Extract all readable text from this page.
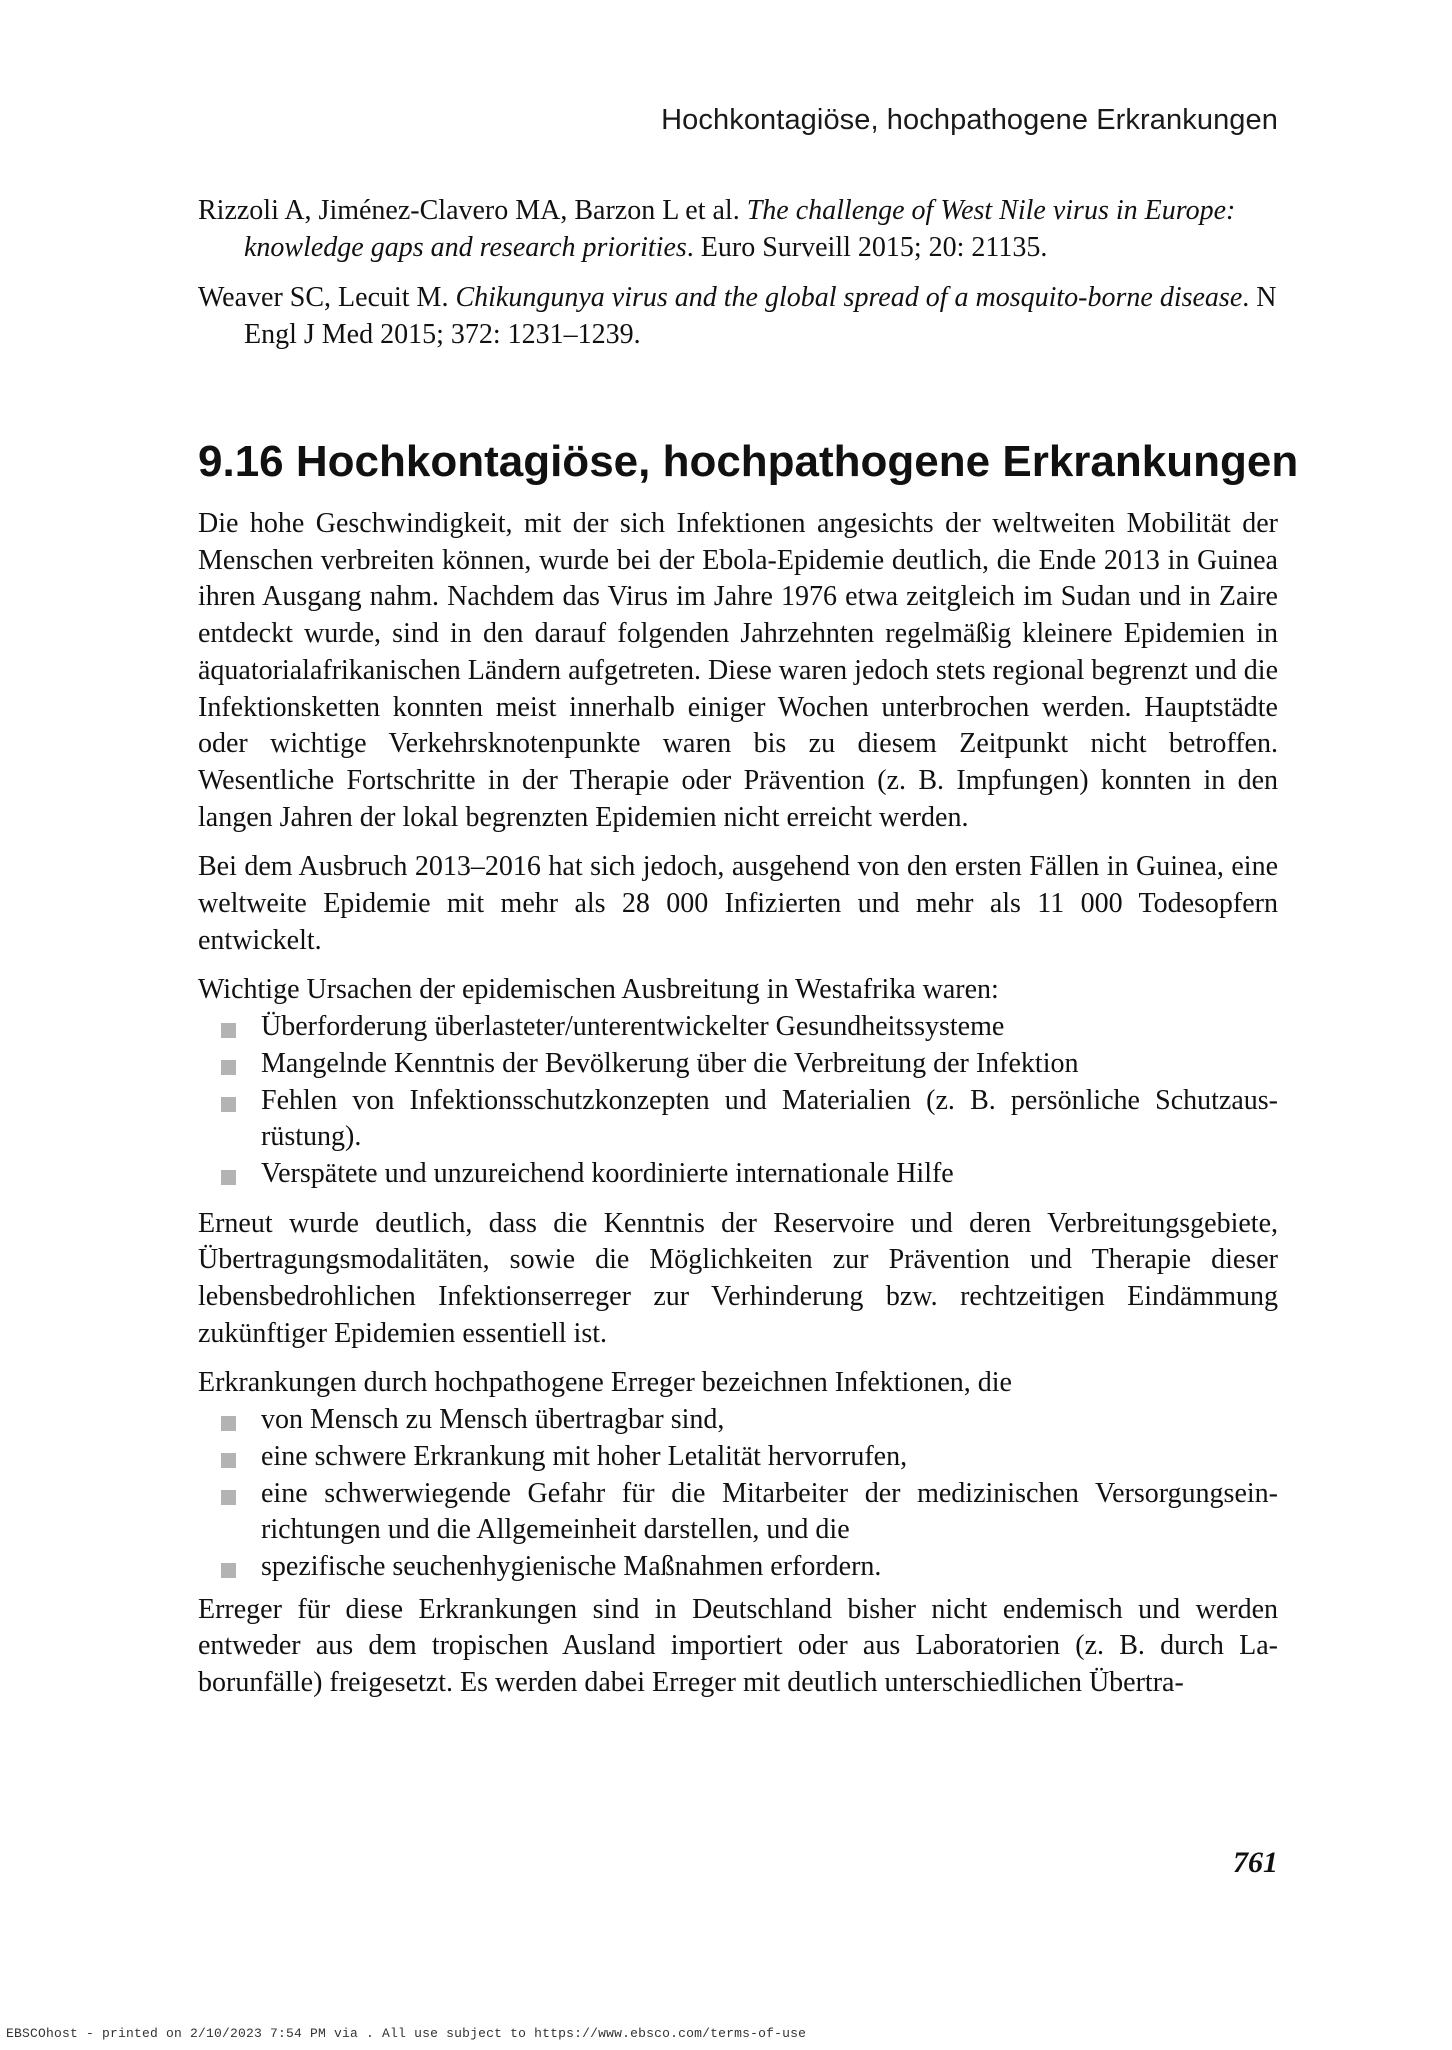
Hochkontagiöse, hochpathogene Erkrankungen

Rizzoli A, Jiménez-Clavero MA, Barzon L et al. The challenge of West Nile virus in Europe: knowledge gaps and research priorities. Euro Surveill 2015; 20: 21135.

Weaver SC, Lecuit M. Chikungunya virus and the global spread of a mosquito-borne disease. N Engl J Med 2015; 372: 1231–1239.

9.16 Hochkontagiöse, hochpathogene Erkrankungen

Die hohe Geschwindigkeit, mit der sich Infektionen angesichts der weltweiten Mobilität der Menschen verbreiten können, wurde bei der Ebola-Epidemie deutlich, die Ende 2013 in Guinea ihren Ausgang nahm. Nachdem das Virus im Jahre 1976 etwa zeitgleich im Sudan und in Zaire entdeckt wurde, sind in den darauf folgenden Jahrzehnten regelmäßig kleinere Epidemien in äquatorialafrikanischen Ländern aufgetreten. Diese waren jedoch stets regional begrenzt und die Infektionsketten konnten meist innerhalb einiger Wochen unterbrochen werden. Hauptstädte oder wichtige Verkehrsknotenpunkte waren bis zu diesem Zeitpunkt nicht betroffen. Wesentliche Fortschritte in der Therapie oder Prävention (z. B. Impfungen) konnten in den langen Jahren der lokal begrenzten Epidemien nicht erreicht werden.

Bei dem Ausbruch 2013–2016 hat sich jedoch, ausgehend von den ersten Fällen in Guinea, eine weltweite Epidemie mit mehr als 28 000 Infizierten und mehr als 11 000 Todesopfern entwickelt.

Wichtige Ursachen der epidemischen Ausbreitung in Westafrika waren:

Überforderung überlasteter/unterentwickelter Gesundheitssysteme
Mangelnde Kenntnis der Bevölkerung über die Verbreitung der Infektion
Fehlen von Infektionsschutzkonzepten und Materialien (z. B. persönliche Schutzausrüstung).
Verspätete und unzureichend koordinierte internationale Hilfe

Erneut wurde deutlich, dass die Kenntnis der Reservoire und deren Verbreitungsgebiete, Übertragungsmodalitäten, sowie die Möglichkeiten zur Prävention und Therapie dieser lebensbedrohlichen Infektionserreger zur Verhinderung bzw. rechtzeitigen Eindämmung zukünftiger Epidemien essentiell ist.

Erkrankungen durch hochpathogene Erreger bezeichnen Infektionen, die

von Mensch zu Mensch übertragbar sind,
eine schwere Erkrankung mit hoher Letalität hervorrufen,
eine schwerwiegende Gefahr für die Mitarbeiter der medizinischen Versorgungseinrichtungen und die Allgemeinheit darstellen, und die
spezifische seuchenhygienische Maßnahmen erfordern.

Erreger für diese Erkrankungen sind in Deutschland bisher nicht endemisch und werden entweder aus dem tropischen Ausland importiert oder aus Laboratorien (z. B. durch Laborunfälle) freigesetzt. Es werden dabei Erreger mit deutlich unterschiedlichen Übertra-

761
EBSCOhost - printed on 2/10/2023 7:54 PM via . All use subject to https://www.ebsco.com/terms-of-use
